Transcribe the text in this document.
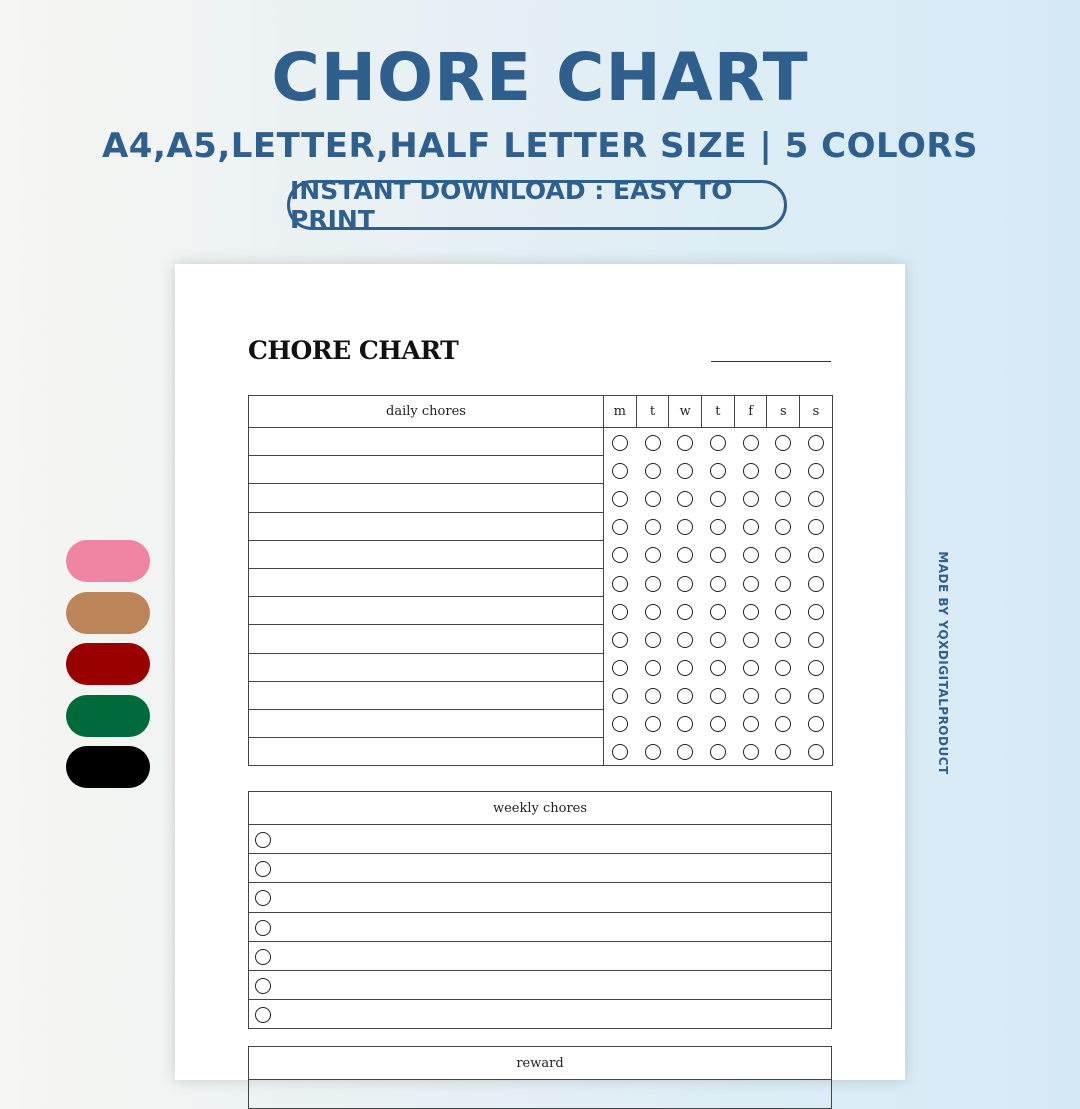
CHORE CHART
A4,A5,LETTER,HALF LETTER SIZE | 5 COLORS
INSTANT DOWNLOAD : EASY TO PRINT
MADE BY YQXDIGITALPRODUCT
CHORE CHART
daily chores	m	t	w	t	f	s	s

weekly chores

reward
